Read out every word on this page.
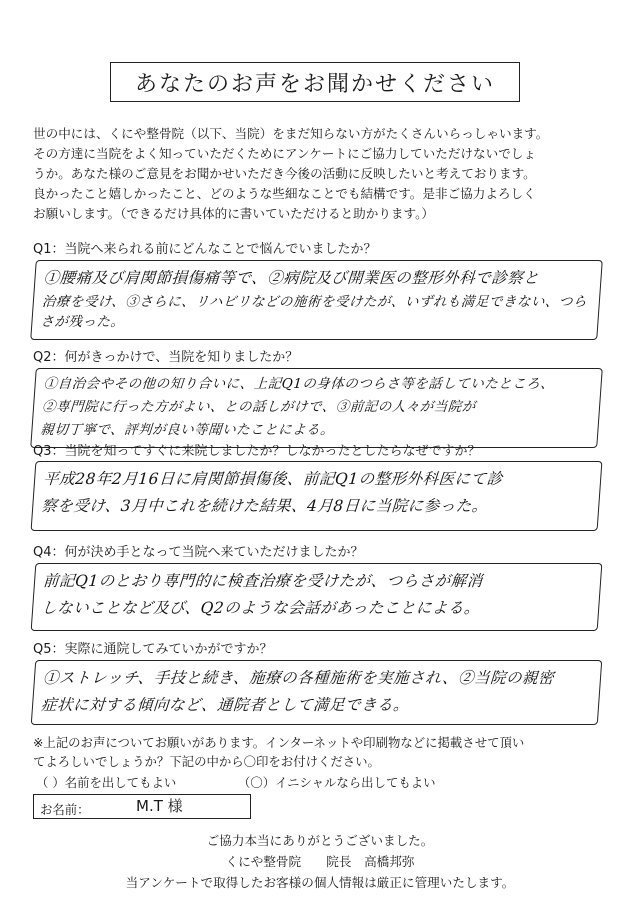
あなたのお声をお聞かせください

世の中には、くにや整骨院（以下、当院）をまだ知らない方がたくさんいらっしゃいます。

その方達に当院をよく知っていただくためにアンケートにご協力していただけないでしょ

うか。あなた様のご意見をお聞かせいただき今後の活動に反映したいと考えております。

良かったこと嬉しかったこと、どのような些細なことでも結構です。是非ご協力よろしく

お願いします。（できるだけ具体的に書いていただけると助かります。）

Q1：当院へ来られる前にどんなことで悩んでいましたか？
①腰痛及び肩関節損傷痛等で、②病院及び開業医の整形外科で診察と
治療を受け、③さらに、リハビリなどの施術を受けたが、いずれも満足できない、つらさが残った。
Q2：何がきっかけで、当院を知りましたか？
①自治会やその他の知り合いに、上記Q1の身体のつらさ等を話していたところ、
②専門院に行った方がよい、との話しがけで、③前記の人々が当院が
親切丁寧で、評判が良い等聞いたことによる。
Q3：当院を知ってすぐに来院しましたか？しなかったとしたらなぜですか？
平成28年2月16日に肩関節損傷後、前記Q1の整形外科医にて診
察を受け、3月中これを続けた結果、4月8日に当院に参った。
Q4：何が決め手となって当院へ来ていただけましたか？
前記Q1のとおり専門的に検査治療を受けたが、つらさが解消
しないことなど及び、Q2のような会話があったことによる。
Q5：実際に通院してみていかがですか？
①ストレッチ、手技と続き、施療の各種施術を実施され、②当院の親密
症状に対する傾向など、通院者として満足できる。

※上記のお声についてお願いがあります。インターネットや印刷物などに掲載させて頂い

てよろしいでしょうか？下記の中から〇印をお付けください。

（ ）名前を出してもよい	（〇）イニシャルなら出してもよい
お名前：	M.T 様
ご協力本当にありがとうございました。
くにや整骨院　　院長　高橋邦弥
当アンケートで取得したお客様の個人情報は厳正に管理いたします。
